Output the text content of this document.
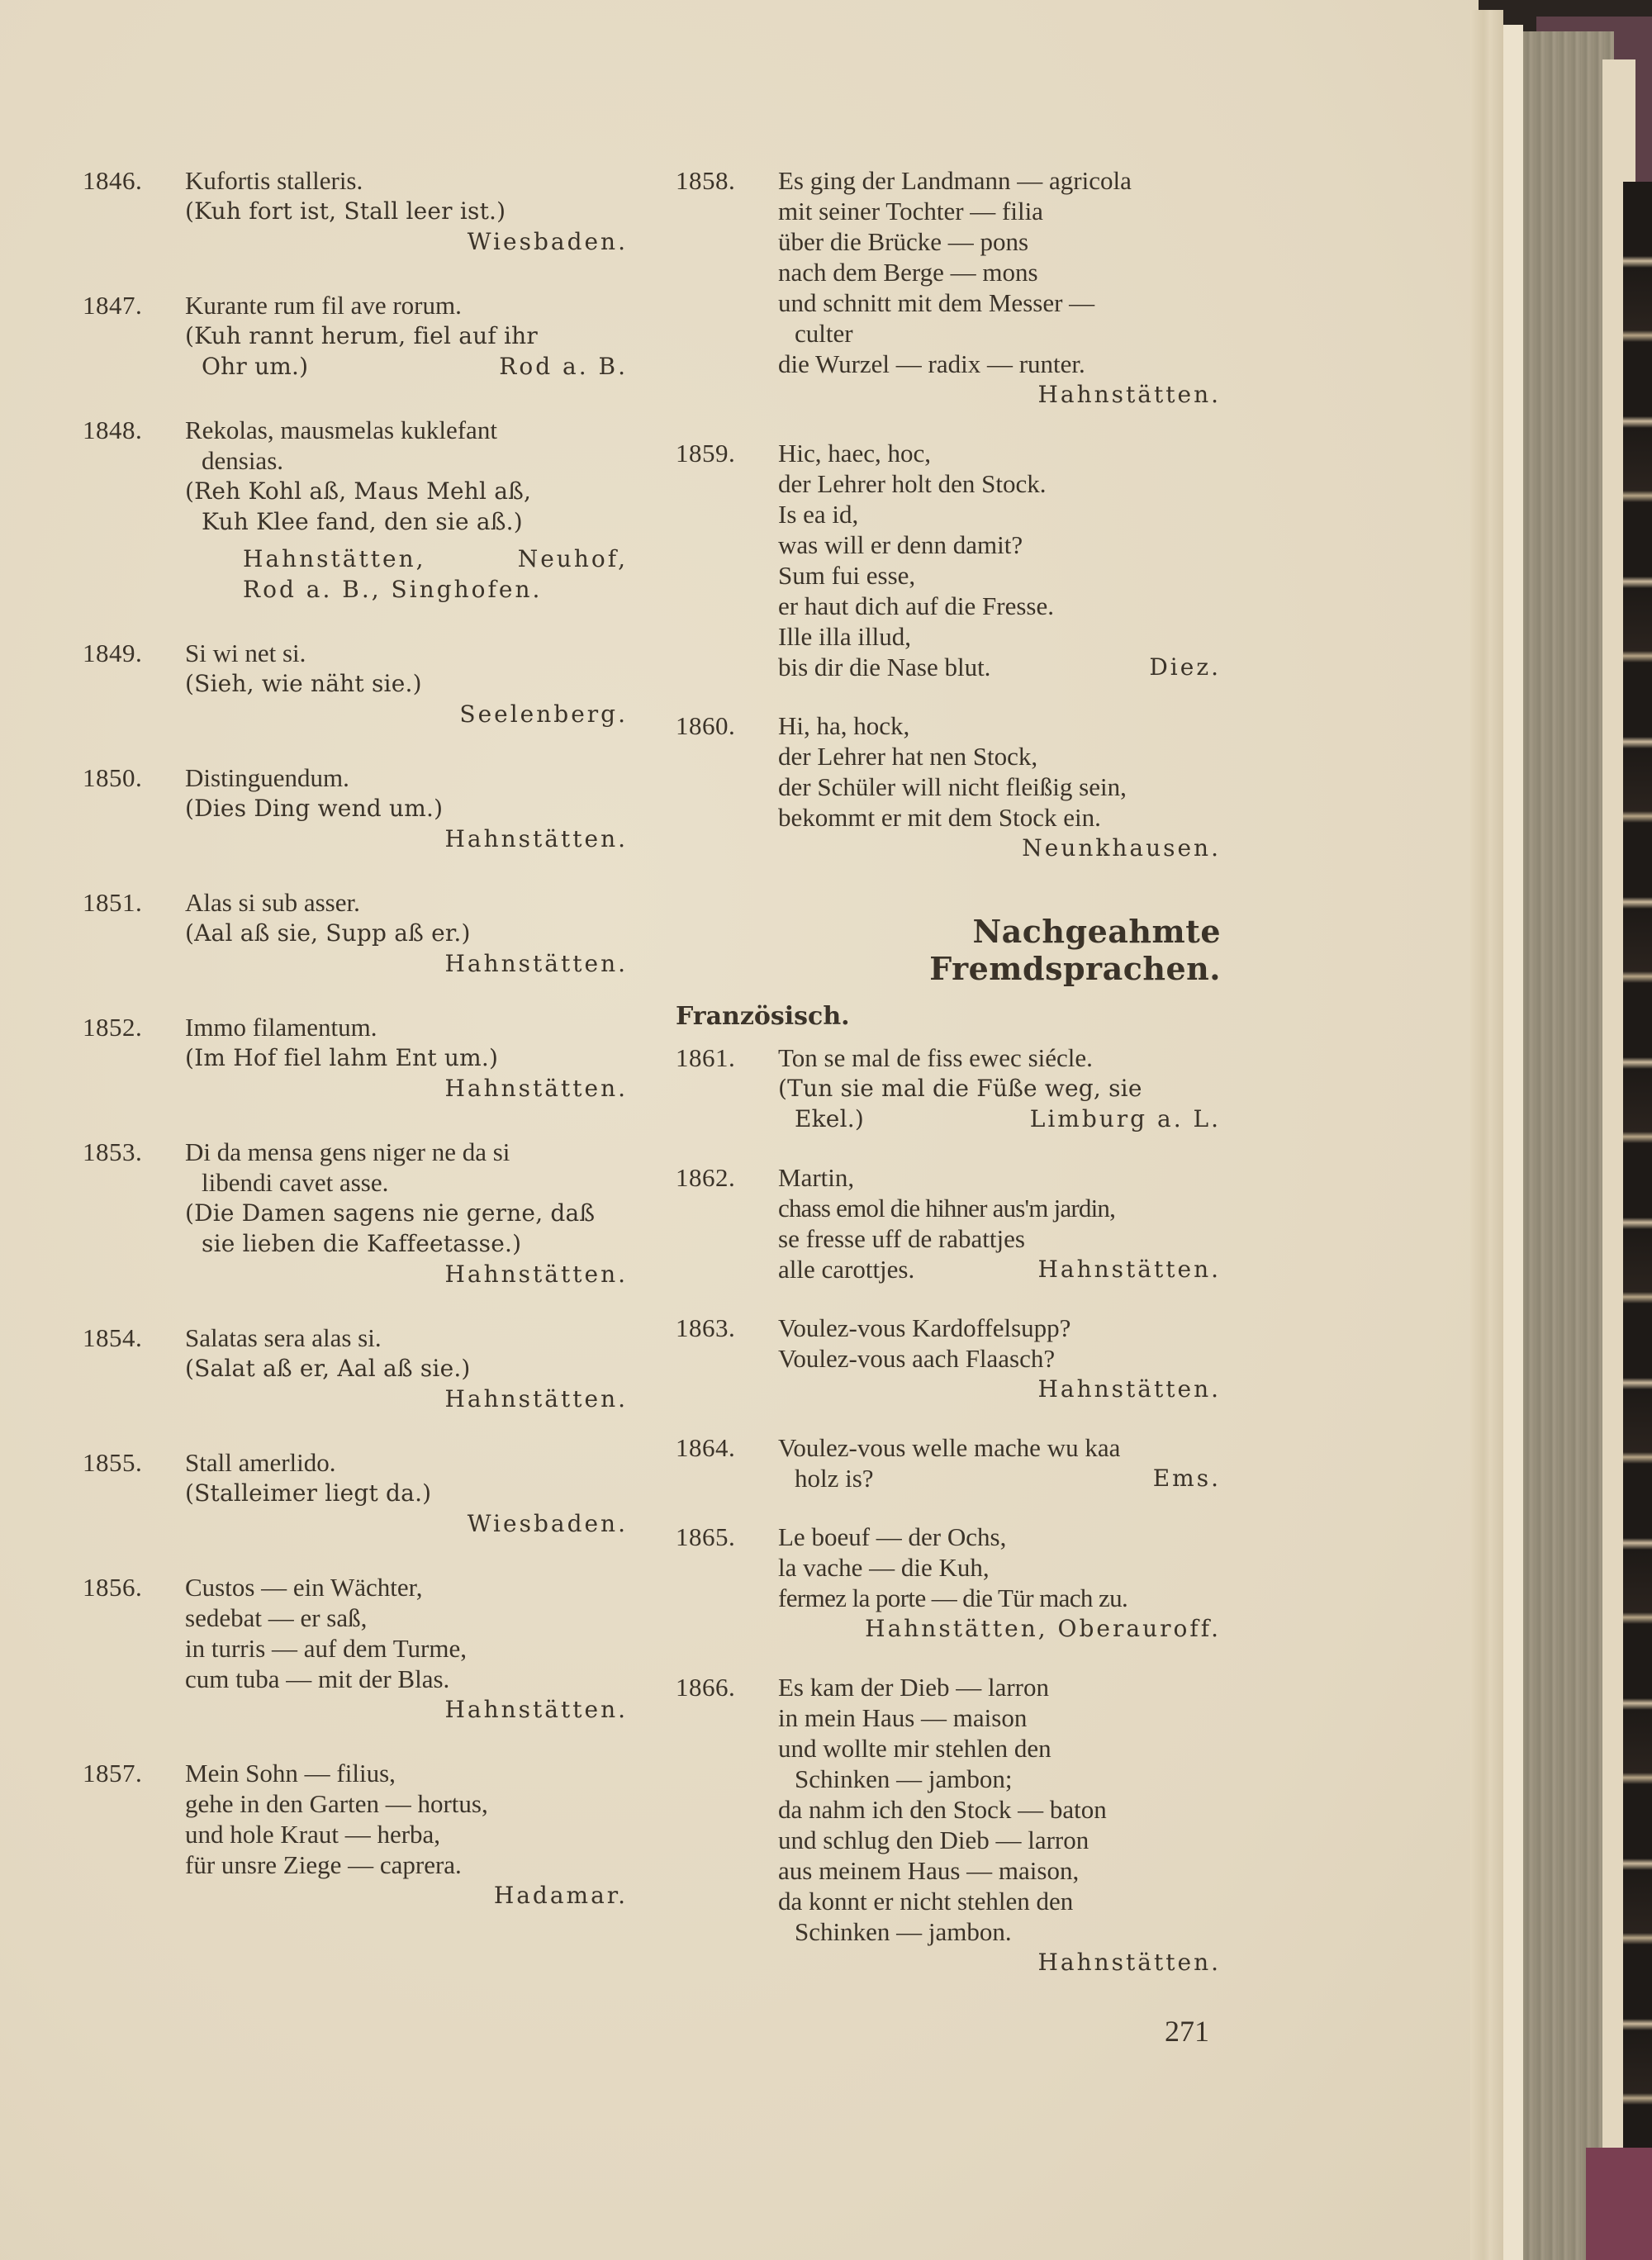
1846.	Kufortis stalleris.
(Kuh fort ist, Stall leer ist.)
Wiesbaden.
1847.	Kurante rum fil ave rorum.
(Kuh rannt herum, fiel auf ihr
Ohr um.)	Rod a. B.
1848.	Rekolas, mausmelas kuklefant
densias.
(Reh Kohl aß, Maus Mehl aß,
Kuh Klee fand, den sie aß.)
Hahnstätten,	Neuhof,
Rod a. B., Singhofen.
1849.	Si wi net si.
(Sieh, wie näht sie.)
Seelenberg.
1850.	Distinguendum.
(Dies Ding wend um.)
Hahnstätten.
1851.	Alas si sub asser.
(Aal aß sie, Supp aß er.)
Hahnstätten.
1852.	Immo filamentum.
(Im Hof fiel lahm Ent um.)
Hahnstätten.
1853.	Di da mensa gens niger ne da si
libendi cavet asse.
(Die Damen sagens nie gerne, daß
sie lieben die Kaffeetasse.)
Hahnstätten.
1854.	Salatas sera alas si.
(Salat aß er, Aal aß sie.)
Hahnstätten.
1855.	Stall amerlido.
(Stalleimer liegt da.)
Wiesbaden.
1856.	Custos — ein Wächter,
sedebat — er saß,
in turris — auf dem Turme,
cum tuba — mit der Blas.
Hahnstätten.
1857.	Mein Sohn — filius,
gehe in den Garten — hortus,
und hole Kraut — herba,
für unsre Ziege — caprera.
Hadamar.
1858.	Es ging der Landmann — agricola
mit seiner Tochter — filia
über die Brücke — pons
nach dem Berge — mons
und schnitt mit dem Messer —
culter
die Wurzel — radix — runter.
Hahnstätten.
1859.	Hic, haec, hoc,
der Lehrer holt den Stock.
Is ea id,
was will er denn damit?
Sum fui esse,
er haut dich auf die Fresse.
Ille illa illud,
bis dir die Nase blut.	Diez.
1860.	Hi, ha, hock,
der Lehrer hat nen Stock,
der Schüler will nicht fleißig sein,
bekommt er mit dem Stock ein.
Neunkhausen.
Nachgeahmte Fremdsprachen.
Französisch.
1861.	Ton se mal de fiss ewec siécle.
(Tun sie mal die Füße weg, sie
Ekel.)	Limburg a. L.
1862.	Martin,
chass emol die hihner aus'm jardin,
se fresse uff de rabattjes
alle carottjes.	Hahnstätten.
1863.	Voulez-vous Kardoffelsupp?
Voulez-vous aach Flaasch?
Hahnstätten.
1864.	Voulez-vous welle mache wu kaa
holz is?	Ems.
1865.	Le boeuf — der Ochs,
la vache — die Kuh,
fermez la porte — die Tür mach zu.
Hahnstätten, Oberauroff.
1866.	Es kam der Dieb — larron
in mein Haus — maison
und wollte mir stehlen den
Schinken — jambon;
da nahm ich den Stock — baton
und schlug den Dieb — larron
aus meinem Haus — maison,
da konnt er nicht stehlen den
Schinken — jambon.
Hahnstätten.
271
